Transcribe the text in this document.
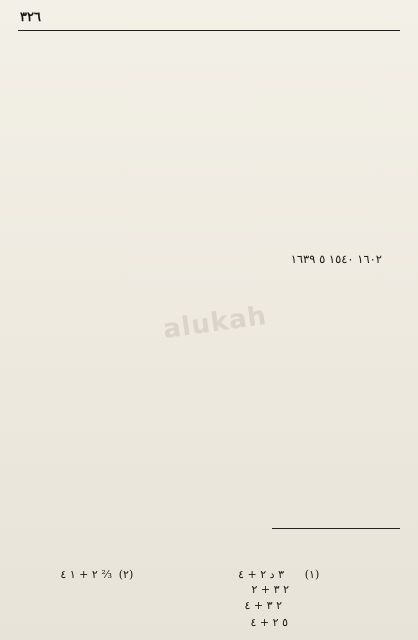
٣٢٦
alukah

١٦٠٢ ١٥٤٠ ٥ ١٦٣٩

(١)
٣ د ٢ + ٤
٢ ٣ + ٢
٢ ٣ + ٤
٥ ٢ + ٤
(٢)
⅔ ٢ + ١ ٤
